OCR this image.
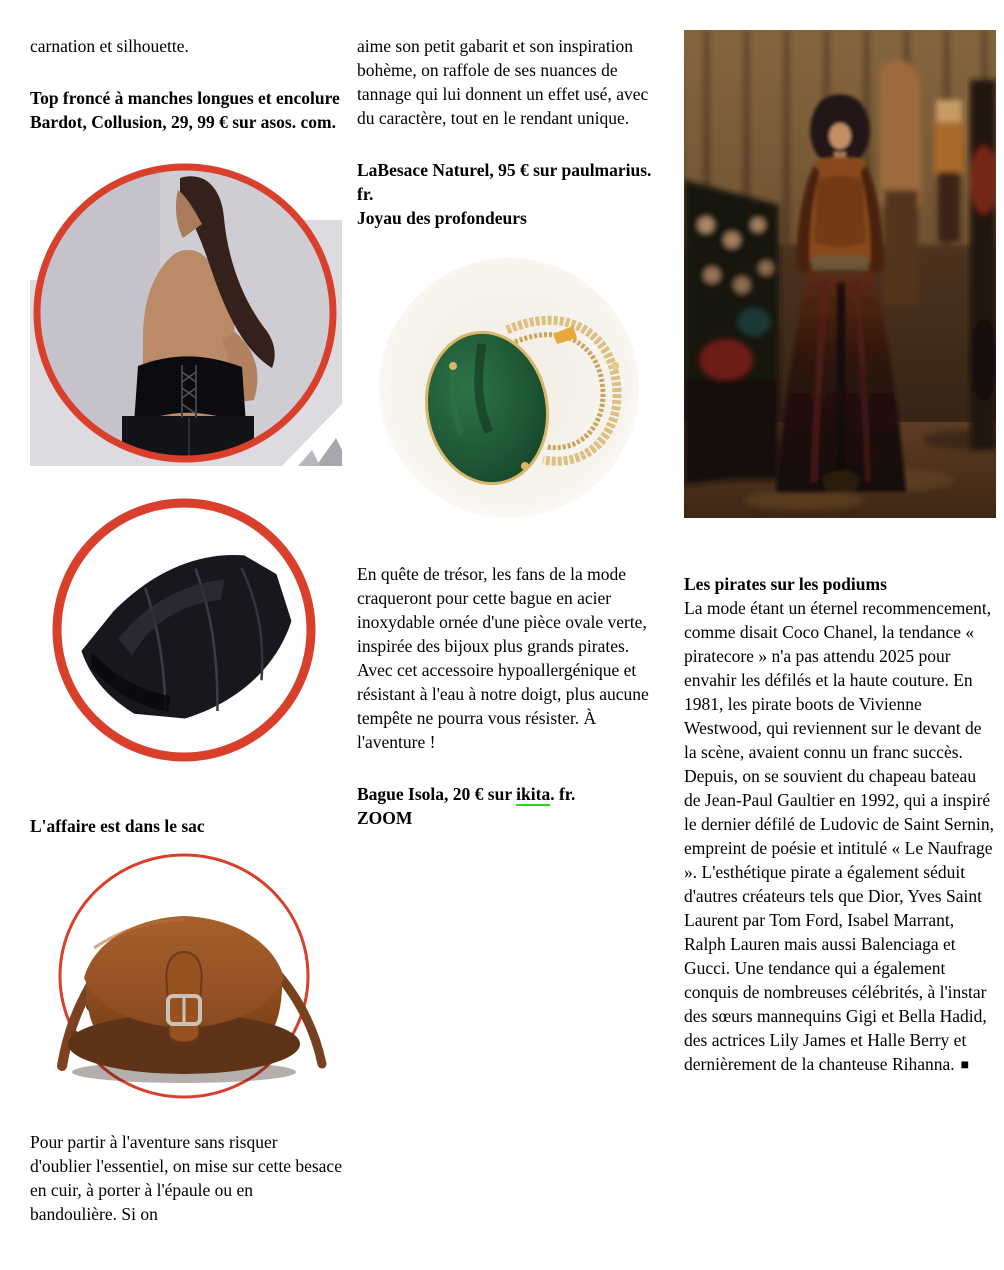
carnation et silhouette.

Top froncé à manches longues et encolure Bardot, Collusion, 29, 99 € sur asos. com.

L'affaire est dans le sac

Pour partir à l'aventure sans risquer d'oublier l'essentiel, on mise sur cette besace en cuir, à porter à l'épaule ou en bandoulière. Si on

aime son petit gabarit et son inspiration bohème, on raffole de ses nuances de tannage qui lui donnent un effet usé, avec du caractère, tout en le rendant unique.

LaBesace Naturel, 95 € sur paulmarius. fr.

Joyau des profondeurs

En quête de trésor, les fans de la mode craqueront pour cette bague en acier inoxydable ornée d'une pièce ovale verte, inspirée des bijoux plus grands pirates. Avec cet accessoire hypoallergénique et résistant à l'eau à notre doigt, plus aucune tempête ne pourra vous résister. À l'aventure !

Bague Isola, 20 € sur ikita. fr.

ZOOM

Les pirates sur les podiums

La mode étant un éternel recommencement, comme disait Coco Chanel, la tendance « piratecore » n'a pas attendu 2025 pour envahir les défilés et la haute couture. En 1981, les pirate boots de Vivienne Westwood, qui reviennent sur le devant de la scène, avaient connu un franc succès. Depuis, on se souvient du chapeau bateau de Jean-Paul Gaultier en 1992, qui a inspiré le dernier défilé de Ludovic de Saint Sernin, empreint de poésie et intitulé « Le Naufrage ». L'esthétique pirate a également séduit d'autres créateurs tels que Dior, Yves Saint Laurent par Tom Ford, Isabel Marrant, Ralph Lauren mais aussi Balenciaga et Gucci. Une tendance qui a également conquis de nombreuses célébrités, à l'instar des sœurs mannequins Gigi et Bella Hadid, des actrices Lily James et Halle Berry et dernièrement de la chanteuse Rihanna. ■
